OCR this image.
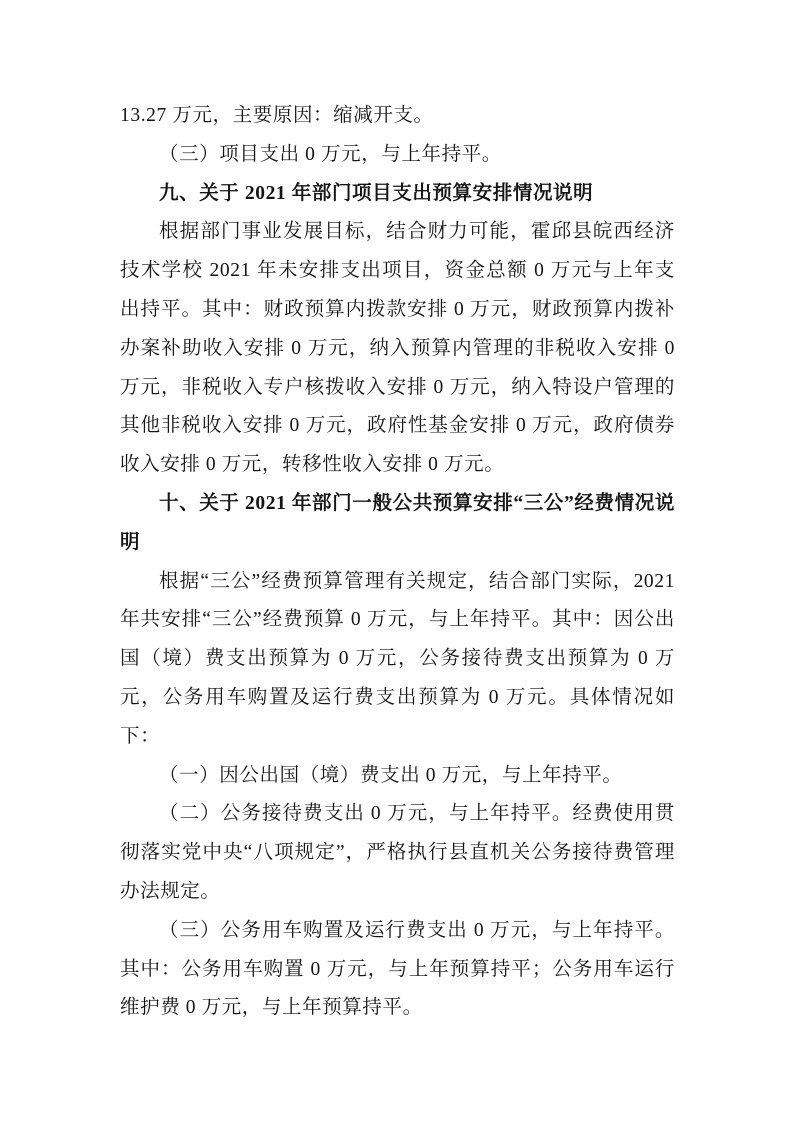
13.27 万元，主要原因：缩减开支。

（三）项目支出 0 万元，与上年持平。

九、关于 2021 年部门项目支出预算安排情况说明

根据部门事业发展目标，结合财力可能，霍邱县皖西经济技术学校 2021 年未安排支出项目，资金总额 0 万元与上年支出持平。其中：财政预算内拨款安排 0 万元，财政预算内拨补办案补助收入安排 0 万元，纳入预算内管理的非税收入安排 0 万元，非税收入专户核拨收入安排 0 万元，纳入特设户管理的其他非税收入安排 0 万元，政府性基金安排 0 万元，政府债券收入安排 0 万元，转移性收入安排 0 万元。

十、关于 2021 年部门一般公共预算安排“三公”经费情况说明

根据“三公”经费预算管理有关规定，结合部门实际，2021 年共安排“三公”经费预算 0 万元，与上年持平。其中：因公出国（境）费支出预算为 0 万元，公务接待费支出预算为 0 万元，公务用车购置及运行费支出预算为 0 万元。具体情况如下：

（一）因公出国（境）费支出 0 万元，与上年持平。

（二）公务接待费支出 0 万元，与上年持平。经费使用贯彻落实党中央“八项规定”，严格执行县直机关公务接待费管理办法规定。

（三）公务用车购置及运行费支出 0 万元，与上年持平。其中：公务用车购置 0 万元，与上年预算持平；公务用车运行维护费 0 万元，与上年预算持平。
